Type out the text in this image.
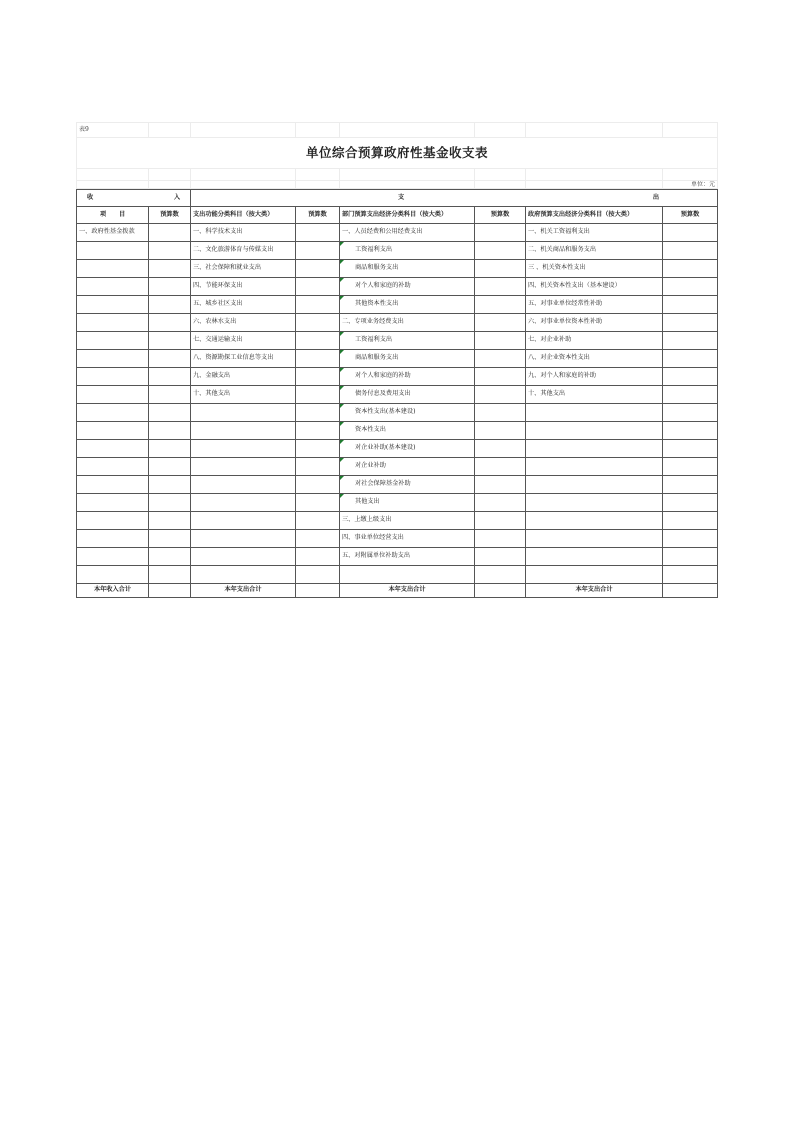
表9							
单位综合预算政府性基金收支表							

							单位：元
收 入		支 出					

项 目	预算数	支出功能分类科目（按大类）	预算数	部门预算支出经济分类科目（按大类）	预算数	政府预算支出经济分类科目（按大类）	预算数
一、政府性基金拨款		一、科学技术支出		一、人员经费和公用经费支出		一、机关工资福利支出	
		二、文化旅游体育与传媒支出		工资福利支出		二、机关商品和服务支出	
		三、社会保障和就业支出		商品和服务支出		三 、机关资本性支出	
		四、节能环保支出		对个人和家庭的补助		四、机关资本性支出（基本建设）	
		五、城乡社区支出		其他资本性支出		五、对事业单位经常性补助	
		六、农林水支出		二、专项业务经费支出		六、对事业单位资本性补助	
		七、交通运输支出		工资福利支出		七、对企业补助	
		八、资源勘探工业信息等支出		商品和服务支出		八、对企业资本性支出	
		九、金融支出		对个人和家庭的补助		九、对个人和家庭的补助	
		十、其他支出		债务付息及费用支出		十、其他支出	
				资本性支出(基本建设)			
				资本性支出			
				对企业补助(基本建设)			
				对企业补助			
				对社会保障基金补助			
				其他支出			
				三、上缴上级支出			
				四、事业单位经营支出			
				五、对附属单位补助支出			

本年收入合计		本年支出合计		本年支出合计		本年支出合计	
